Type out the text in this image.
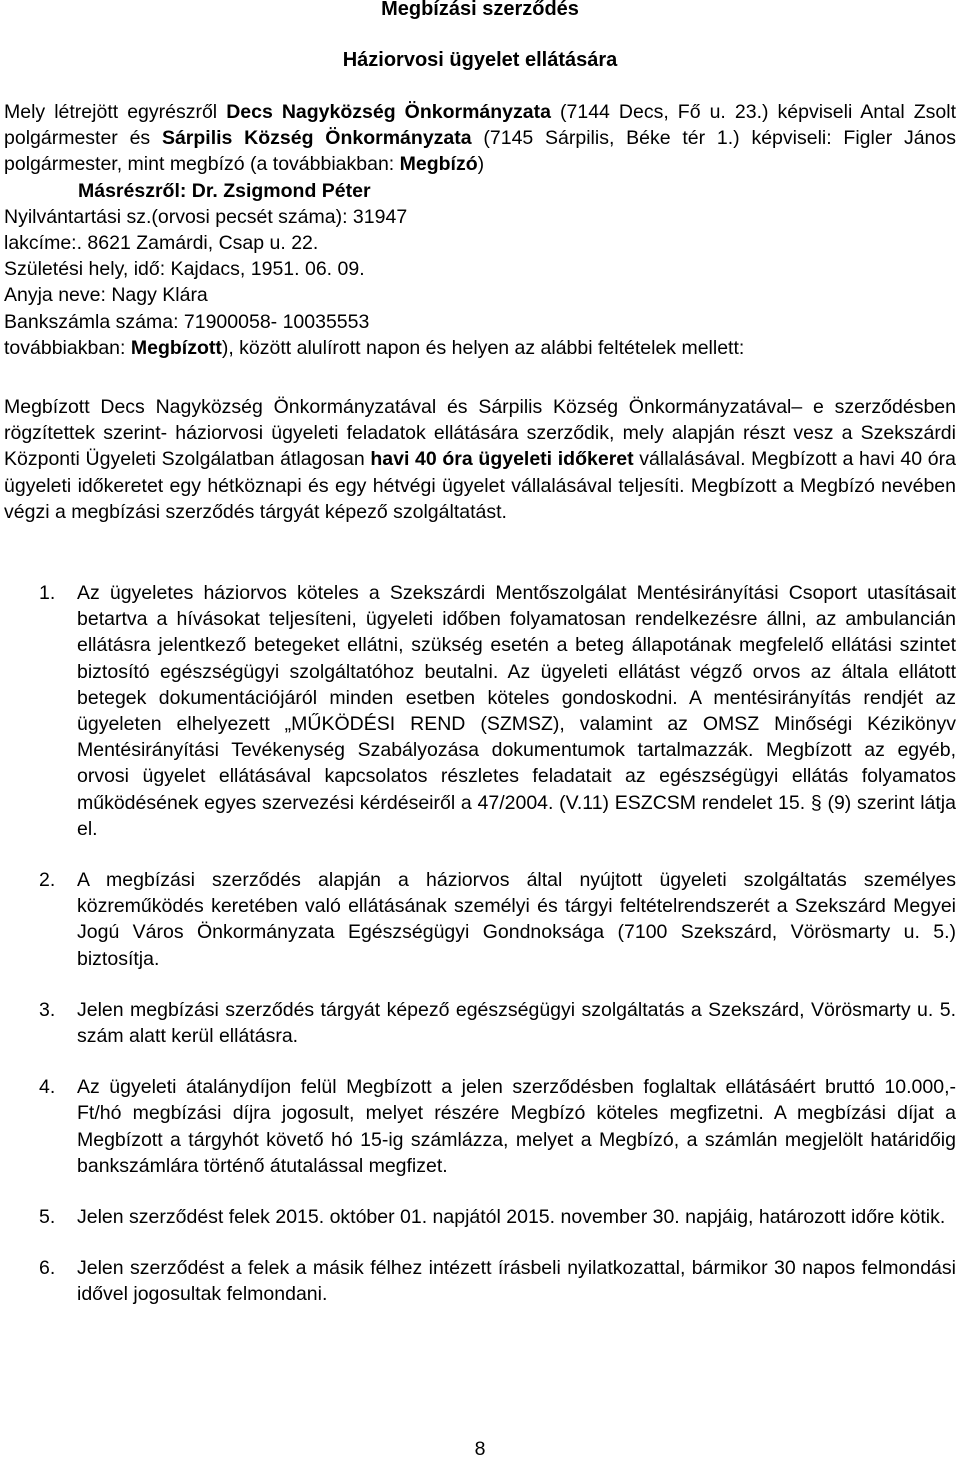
Megbízási szerződés
Háziorvosi ügyelet ellátására

Mely létrejött egyrészről Decs Nagyközség Önkormányzata (7144 Decs, Fő u. 23.) képviseli Antal Zsolt polgármester és Sárpilis Község Önkormányzata (7145 Sárpilis, Béke tér 1.) képviseli: Figler János polgármester, mint megbízó (a továbbiakban: Megbízó)

Másrészről: Dr. Zsigmond Péter

Nyilvántartási sz.(orvosi pecsét száma): 31947

lakcíme:. 8621 Zamárdi, Csap u. 22.

Születési hely, idő: Kajdacs, 1951. 06. 09.

Anyja neve: Nagy Klára

Bankszámla száma: 71900058- 10035553

továbbiakban: Megbízott), között alulírott napon és helyen az alábbi feltételek mellett:

Megbízott Decs Nagyközség Önkormányzatával és Sárpilis Község Önkormányzatával– e szerződésben rögzítettek szerint- háziorvosi ügyeleti feladatok ellátására szerződik, mely alapján részt vesz a Szekszárdi Központi Ügyeleti Szolgálatban átlagosan havi 40 óra ügyeleti időkeret vállalásával. Megbízott a havi 40 óra ügyeleti időkeretet egy hétköznapi és egy hétvégi ügyelet vállalásával teljesíti. Megbízott a Megbízó nevében végzi a megbízási szerződés tárgyát képező szolgáltatást.

1. Az ügyeletes háziorvos köteles a Szekszárdi Mentőszolgálat Mentésirányítási Csoport utasításait betartva a hívásokat teljesíteni, ügyeleti időben folyamatosan rendelkezésre állni, az ambulancián ellátásra jelentkező betegeket ellátni, szükség esetén a beteg állapotának megfelelő ellátási szintet biztosító egészségügyi szolgáltatóhoz beutalni. Az ügyeleti ellátást végző orvos az általa ellátott betegek dokumentációjáról minden esetben köteles gondoskodni. A mentésirányítás rendjét az ügyeleten elhelyezett „MŰKÖDÉSI REND (SZMSZ), valamint az OMSZ Minőségi Kézikönyv Mentésirányítási Tevékenység Szabályozása dokumentumok tartalmazzák. Megbízott az egyéb, orvosi ügyelet ellátásával kapcsolatos részletes feladatait az egészségügyi ellátás folyamatos működésének egyes szervezési kérdéseiről a 47/2004. (V.11) ESZCSM rendelet 15. § (9) szerint látja el.
2. A megbízási szerződés alapján a háziorvos által nyújtott ügyeleti szolgáltatás személyes közreműködés keretében való ellátásának személyi és tárgyi feltételrendszerét a Szekszárd Megyei Jogú Város Önkormányzata Egészségügyi Gondnoksága (7100 Szekszárd, Vörösmarty u. 5.) biztosítja.
3. Jelen megbízási szerződés tárgyát képező egészségügyi szolgáltatás a Szekszárd, Vörösmarty u. 5. szám alatt kerül ellátásra.
4. Az ügyeleti átalánydíjon felül Megbízott a jelen szerződésben foglaltak ellátásáért bruttó 10.000,- Ft/hó megbízási díjra jogosult, melyet részére Megbízó köteles megfizetni. A megbízási díjat a Megbízott a tárgyhót követő hó 15-ig számlázza, melyet a Megbízó, a számlán megjelölt határidőig bankszámlára történő átutalással megfizet.
5. Jelen szerződést felek 2015. október 01. napjától 2015. november 30. napjáig, határozott időre kötik.
6. Jelen szerződést a felek a másik félhez intézett írásbeli nyilatkozattal, bármikor 30 napos felmondási idővel jogosultak felmondani.
8
